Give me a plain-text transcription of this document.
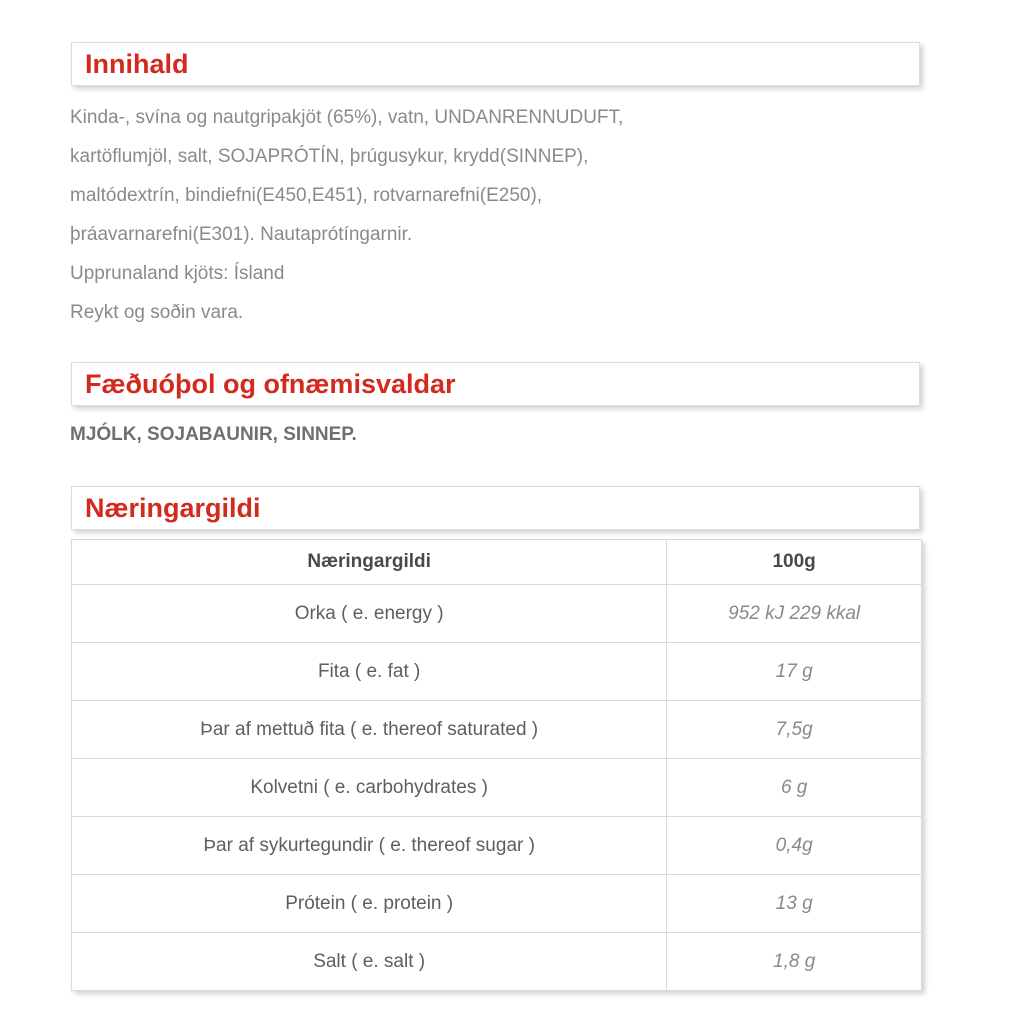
Innihald

Kinda-, svína og nautgripakjöt (65%), vatn, UNDANRENNUDUFT,

kartöflumjöl, salt, SOJAPRÓTÍN, þrúgusykur, krydd(SINNEP),

maltódextrín, bindiefni(E450,E451), rotvarnarefni(E250),

þráavarnarefni(E301). Nautaprótíngarnir.

Upprunaland kjöts: Ísland

Reykt og soðin vara.

Fæðuóþol og ofnæmisvaldar

MJÓLK, SOJABAUNIR, SINNEP.

Næringargildi
Næringargildi	100g
Orka ( e. energy )	952 kJ 229 kkal
Fita ( e. fat )	17 g
Þar af mettuð fita ( e. thereof saturated )	7,5g
Kolvetni ( e. carbohydrates )	6 g
Þar af sykurtegundir ( e. thereof sugar )	0,4g
Prótein ( e. protein )	13 g
Salt ( e. salt )	1,8 g
